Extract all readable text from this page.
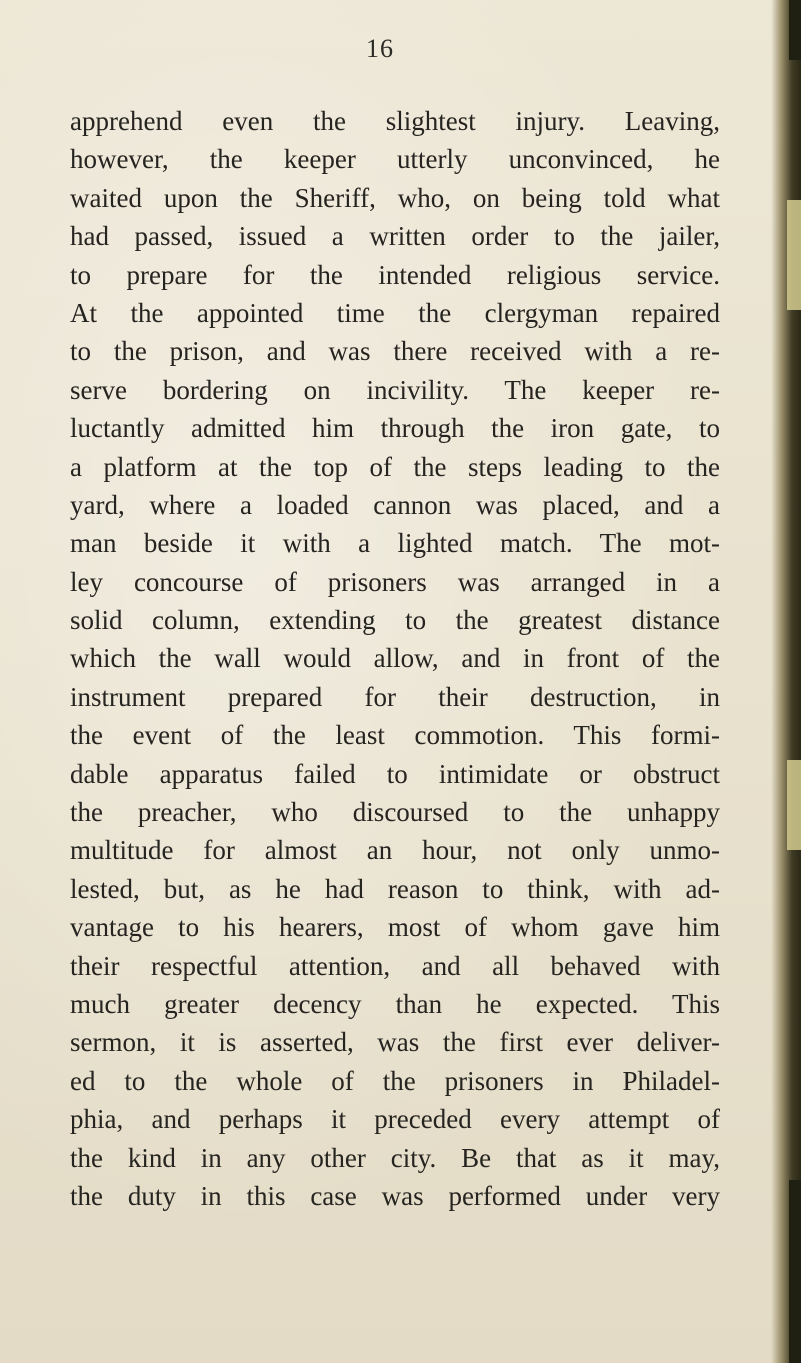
16
apprehend even the slightest injury. Leaving,
however, the keeper utterly unconvinced, he
waited upon the Sheriff, who, on being told what
had passed, issued a written order to the jailer,
to prepare for the intended religious service.
At the appointed time the clergyman repaired
to the prison, and was there received with a re-
serve bordering on incivility. The keeper re-
luctantly admitted him through the iron gate, to
a platform at the top of the steps leading to the
yard, where a loaded cannon was placed, and a
man beside it with a lighted match. The mot-
ley concourse of prisoners was arranged in a
solid column, extending to the greatest distance
which the wall would allow, and in front of the
instrument prepared for their destruction, in
the event of the least commotion. This formi-
dable apparatus failed to intimidate or obstruct
the preacher, who discoursed to the unhappy
multitude for almost an hour, not only unmo-
lested, but, as he had reason to think, with ad-
vantage to his hearers, most of whom gave him
their respectful attention, and all behaved with
much greater decency than he expected. This
sermon, it is asserted, was the first ever deliver-
ed to the whole of the prisoners in Philadel-
phia, and perhaps it preceded every attempt of
the kind in any other city. Be that as it may,
the duty in this case was performed under very
